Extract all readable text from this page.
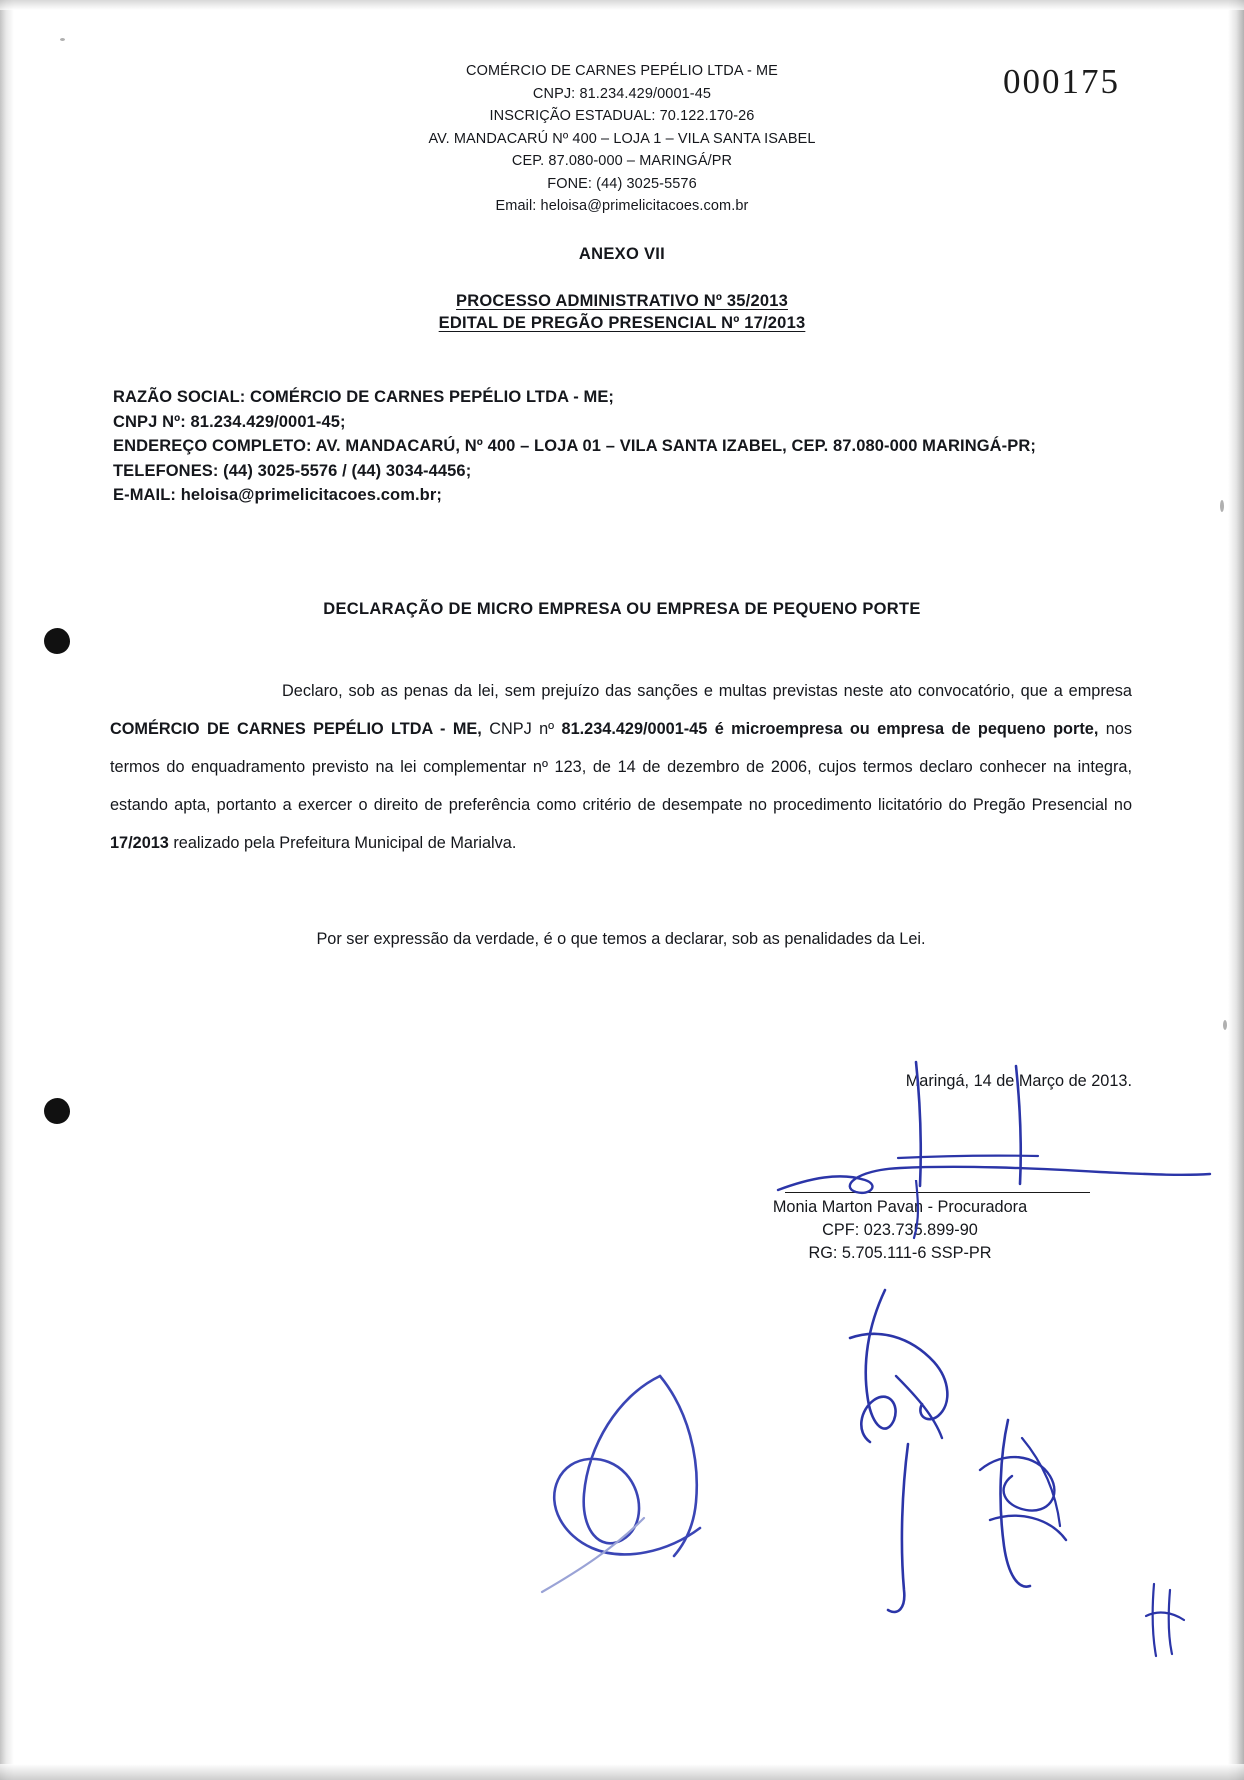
000175
COMÉRCIO DE CARNES PEPÉLIO LTDA - ME
CNPJ: 81.234.429/0001-45
INSCRIÇÃO ESTADUAL: 70.122.170-26
AV. MANDACARÚ Nº 400 – LOJA 1 – VILA SANTA ISABEL
CEP. 87.080-000 – MARINGÁ/PR
FONE: (44) 3025-5576
Email: heloisa@primelicitacoes.com.br
ANEXO VII
PROCESSO ADMINISTRATIVO Nº 35/2013
EDITAL DE PREGÃO PRESENCIAL Nº 17/2013
RAZÃO SOCIAL: COMÉRCIO DE CARNES PEPÉLIO LTDA - ME;
CNPJ Nº: 81.234.429/0001-45;
ENDEREÇO COMPLETO: AV. MANDACARÚ, Nº 400 – LOJA 01 – VILA SANTA IZABEL, CEP. 87.080-000 MARINGÁ-PR;
TELEFONES: (44) 3025-5576 / (44) 3034-4456;
E-MAIL: heloisa@primelicitacoes.com.br;
DECLARAÇÃO DE MICRO EMPRESA OU EMPRESA DE PEQUENO PORTE

Declaro, sob as penas da lei, sem prejuízo das sanções e multas previstas neste ato convocatório, que a empresa COMÉRCIO DE CARNES PEPÉLIO LTDA - ME, CNPJ nº 81.234.429/0001-45 é microempresa ou empresa de pequeno porte, nos termos do enquadramento previsto na lei complementar nº 123, de 14 de dezembro de 2006, cujos termos declaro conhecer na integra, estando apta, portanto a exercer o direito de preferência como critério de desempate no procedimento licitatório do Pregão Presencial no 17/2013 realizado pela Prefeitura Municipal de Marialva.

Por ser expressão da verdade, é o que temos a declarar, sob as penalidades da Lei.
Maringá, 14 de Março de 2013.
Monia Marton Pavan - Procuradora
CPF: 023.735.899-90
RG: 5.705.111-6 SSP-PR
